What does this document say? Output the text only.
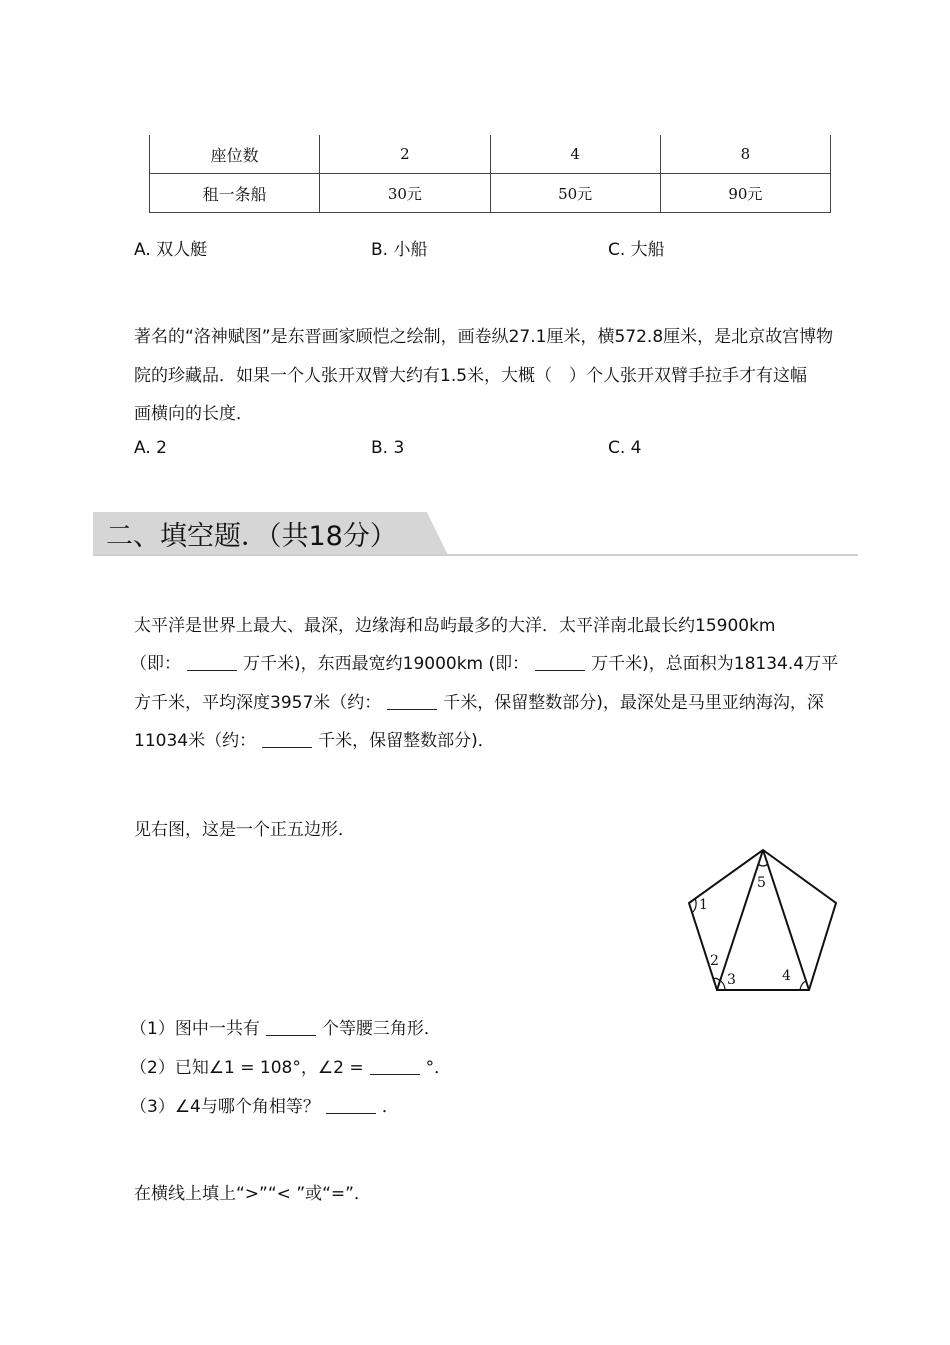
座位数	2	4	8
租一条船	30元	50元	90元
A. 双人艇	B. 小船	C. 大船
著名的“洛神赋图”是东晋画家顾恺之绘制，画卷纵27.1厘米，横572.8厘米，是北京故宫博物
院的珍藏品．如果一个人张开双臂大约有1.5米，大概（　）个人张开双臂手拉手才有这幅
画横向的长度．
A. 2	B. 3	C. 4
二、填空题．（共18分）
太平洋是世界上最大、最深，边缘海和岛屿最多的大洋．太平洋南北最长约15900km
（即：	万千米)，东西最宽约19000km (即：	万千米)，总面积为18134.4万平
方千米，平均深度3957米（约：	千米，保留整数部分)，最深处是马里亚纳海沟，深
11034米（约：	千米，保留整数部分)．
见右图，这是一个正五边形．
1
2
3	4
5
（1）图中一共有	个等腰三角形．
（2）已知∠1 = 108°，∠2 =	°．
（3）∠4与哪个角相等？	．
在横线上填上“>”“< ”或“=”．
